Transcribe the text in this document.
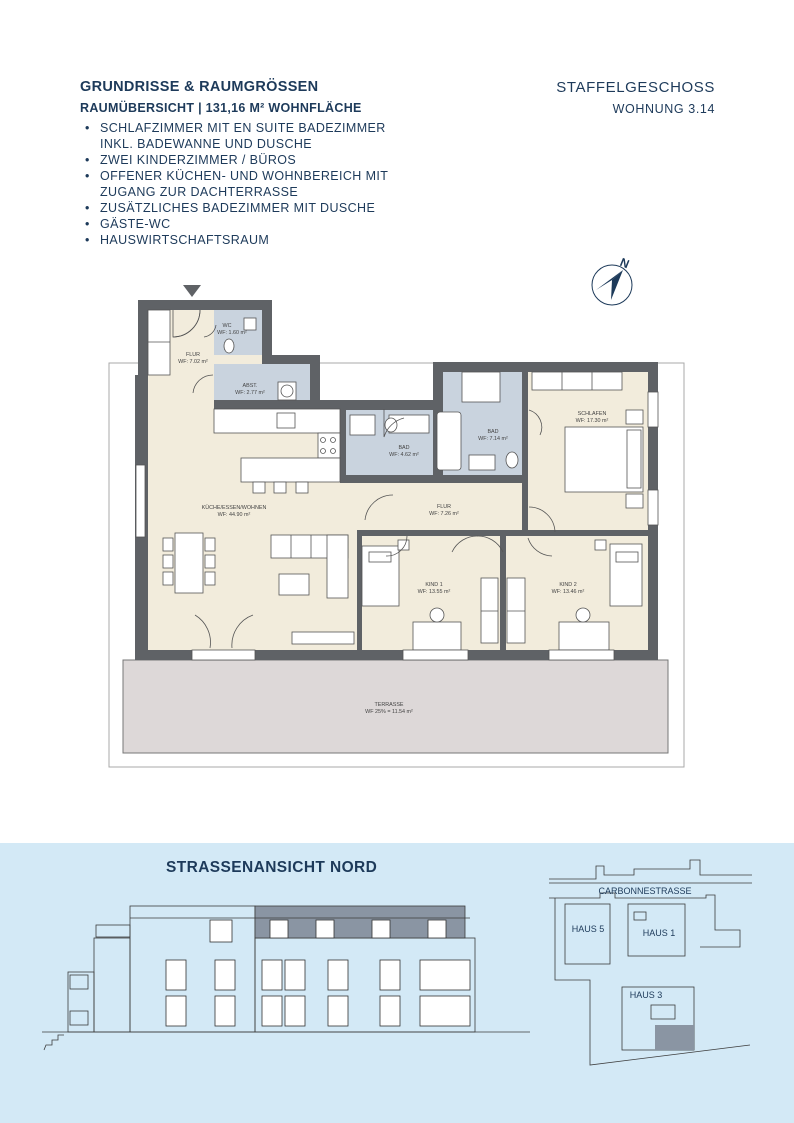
GRUNDRISSE & RAUMGRÖSSEN
RAUMÜBERSICHT | 131,16 M² WOHNFLÄCHE
• SCHLAFZIMMER MIT EN SUITE BADEZIMMER
INKL. BADEWANNE UND DUSCHE
• ZWEI KINDERZIMMER / BÜROS
• OFFENER KÜCHEN- UND WOHNBEREICH MIT
ZUGANG ZUR DACHTERRASSE
• ZUSÄTZLICHES BADEZIMMER MIT DUSCHE
• GÄSTE-WC
• HAUSWIRTSCHAFTSRAUM
STAFFELGESCHOSS
WOHNUNG 3.14
N
WC
WF: 1.60 m²
FLUR
WF: 7.02 m²
ABST.
WF: 2.77 m²
BAD
WF: 4.62 m²
BAD
WF: 7.14 m²
SCHLAFEN
WF: 17.30 m²
KÜCHE/ESSEN/WOHNEN
WF: 44.90 m²
FLUR
WF: 7.26 m²
KIND 1
WF: 13.55 m²
KIND 2
WF: 13.46 m²
TERRASSE
WF 25% = 11.54 m²
STRASSENANSICHT NORD
CARBONNESTRASSE
HAUS 5	HAUS 1
HAUS 3
